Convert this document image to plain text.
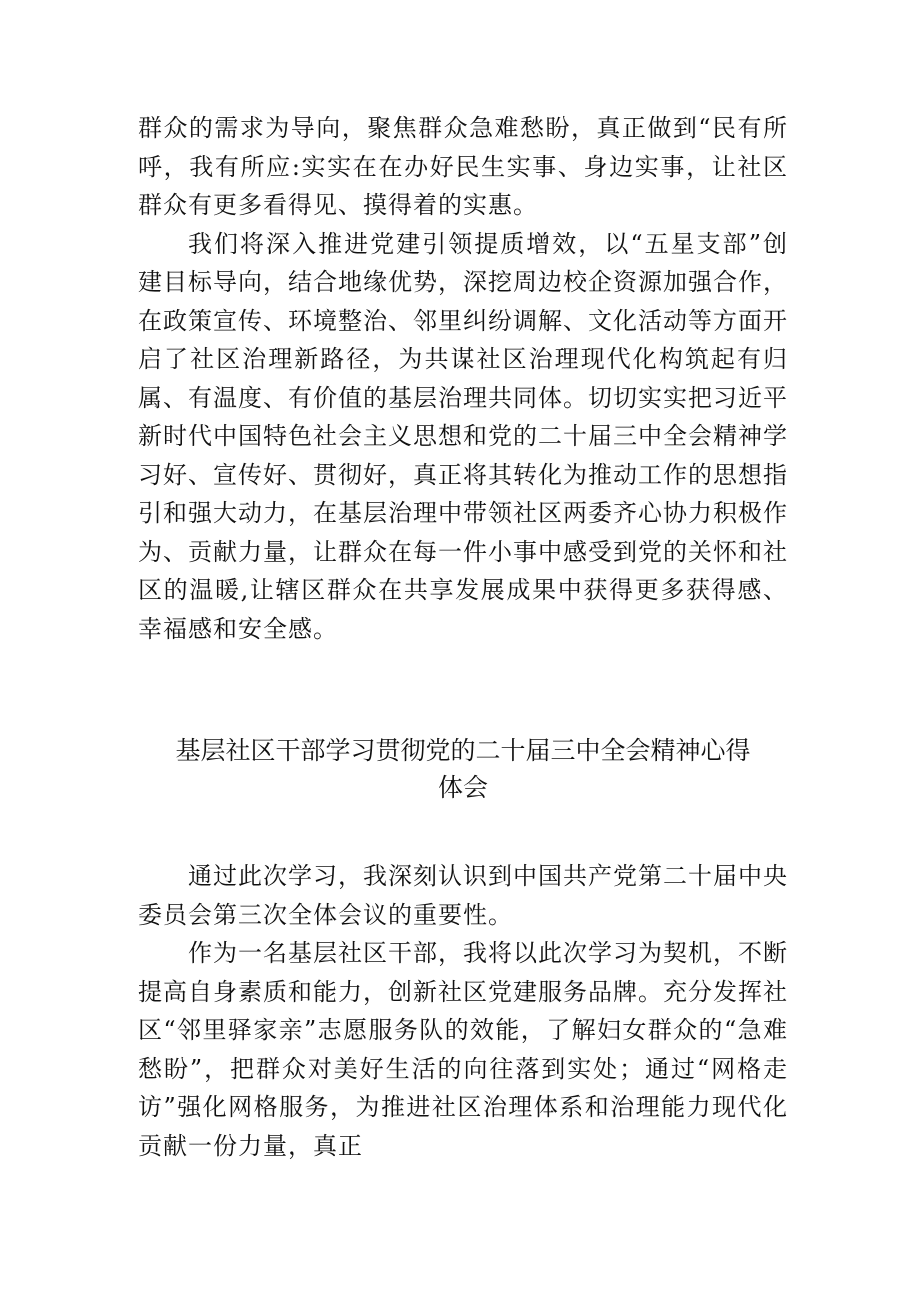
群众的需求为导向，聚焦群众急难愁盼，真正做到“民有所呼，我有所应:实实在在办好民生实事、身边实事，让社区群众有更多看得见、摸得着的实惠。

我们将深入推进党建引领提质增效，以“五星支部”创建目标导向，结合地缘优势，深挖周边校企资源加强合作，在政策宣传、环境整治、邻里纠纷调解、文化活动等方面开启了社区治理新路径，为共谋社区治理现代化构筑起有归属、有温度、有价值的基层治理共同体。切切实实把习近平新时代中国特色社会主义思想和党的二十届三中全会精神学习好、宣传好、贯彻好，真正将其转化为推动工作的思想指引和强大动力，在基层治理中带领社区两委齐心协力积极作为、贡献力量，让群众在每一件小事中感受到党的关怀和社区的温暖,让辖区群众在共享发展成果中获得更多获得感、幸福感和安全感。

基层社区干部学习贯彻党的二十届三中全会精神心得
体会

通过此次学习，我深刻认识到中国共产党第二十届中央委员会第三次全体会议的重要性。

作为一名基层社区干部，我将以此次学习为契机，不断提高自身素质和能力，创新社区党建服务品牌。充分发挥社区“邻里驿家亲”志愿服务队的效能，了解妇女群众的“急难愁盼”，把群众对美好生活的向往落到实处；通过“网格走访”强化网格服务，为推进社区治理体系和治理能力现代化贡献一份力量，真正
